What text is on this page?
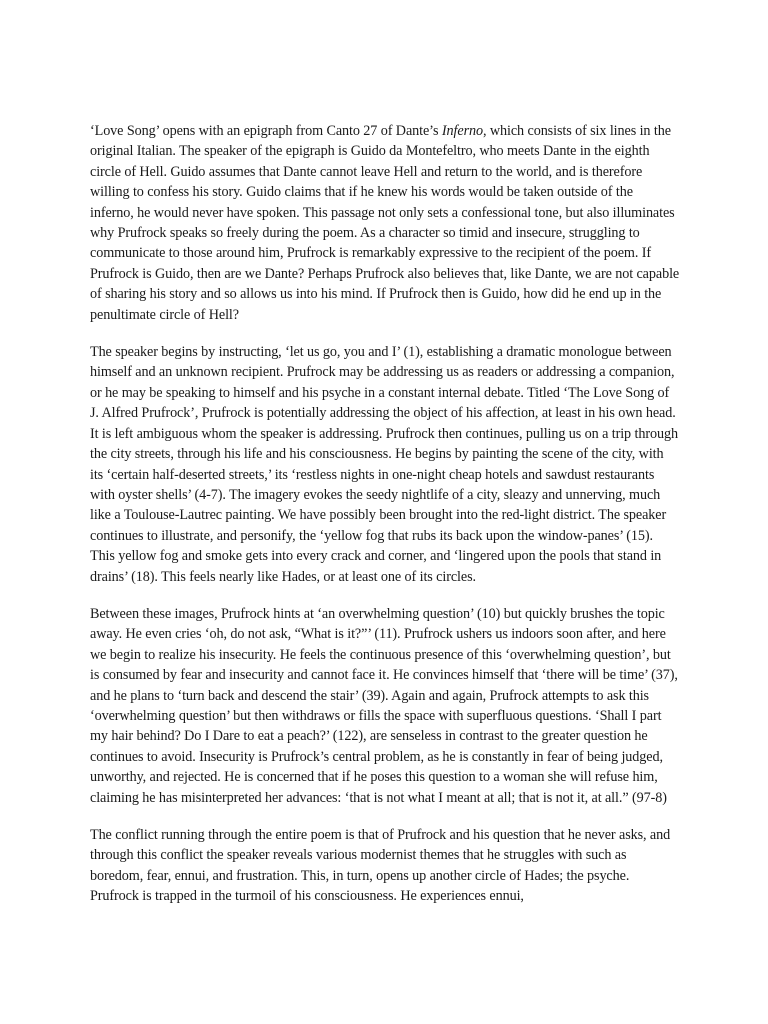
‘Love Song’ opens with an epigraph from Canto 27 of Dante’s Inferno, which consists of six lines in the original Italian. The speaker of the epigraph is Guido da Montefeltro, who meets Dante in the eighth circle of Hell. Guido assumes that Dante cannot leave Hell and return to the world, and is therefore willing to confess his story. Guido claims that if he knew his words would be taken outside of the inferno, he would never have spoken. This passage not only sets a confessional tone, but also illuminates why Prufrock speaks so freely during the poem. As a character so timid and insecure, struggling to communicate to those around him, Prufrock is remarkably expressive to the recipient of the poem. If Prufrock is Guido, then are we Dante? Perhaps Prufrock also believes that, like Dante, we are not capable of sharing his story and so allows us into his mind. If Prufrock then is Guido, how did he end up in the penultimate circle of Hell?

The speaker begins by instructing, ‘let us go, you and I’ (1), establishing a dramatic monologue between himself and an unknown recipient. Prufrock may be addressing us as readers or addressing a companion, or he may be speaking to himself and his psyche in a constant internal debate. Titled ‘The Love Song of J. Alfred Prufrock’, Prufrock is potentially addressing the object of his affection, at least in his own head. It is left ambiguous whom the speaker is addressing. Prufrock then continues, pulling us on a trip through the city streets, through his life and his consciousness. He begins by painting the scene of the city, with its ‘certain half-deserted streets,’ its ‘restless nights in one-night cheap hotels and sawdust restaurants with oyster shells’ (4-7). The imagery evokes the seedy nightlife of a city, sleazy and unnerving, much like a Toulouse-Lautrec painting. We have possibly been brought into the red-light district. The speaker continues to illustrate, and personify, the ‘yellow fog that rubs its back upon the window-panes’ (15). This yellow fog and smoke gets into every crack and corner, and ‘lingered upon the pools that stand in drains’ (18). This feels nearly like Hades, or at least one of its circles.

Between these images, Prufrock hints at ‘an overwhelming question’ (10) but quickly brushes the topic away. He even cries ‘oh, do not ask, “What is it?”’ (11). Prufrock ushers us indoors soon after, and here we begin to realize his insecurity. He feels the continuous presence of this ‘overwhelming question’, but is consumed by fear and insecurity and cannot face it. He convinces himself that ‘there will be time’ (37), and he plans to ‘turn back and descend the stair’ (39). Again and again, Prufrock attempts to ask this ‘overwhelming question’ but then withdraws or fills the space with superfluous questions. ‘Shall I part my hair behind? Do I Dare to eat a peach?’ (122), are senseless in contrast to the greater question he continues to avoid. Insecurity is Prufrock’s central problem, as he is constantly in fear of being judged, unworthy, and rejected. He is concerned that if he poses this question to a woman she will refuse him, claiming he has misinterpreted her advances: ‘that is not what I meant at all; that is not it, at all.” (97-8)

The conflict running through the entire poem is that of Prufrock and his question that he never asks, and through this conflict the speaker reveals various modernist themes that he struggles with such as boredom, fear, ennui, and frustration. This, in turn, opens up another circle of Hades; the psyche. Prufrock is trapped in the turmoil of his consciousness. He experiences ennui,
